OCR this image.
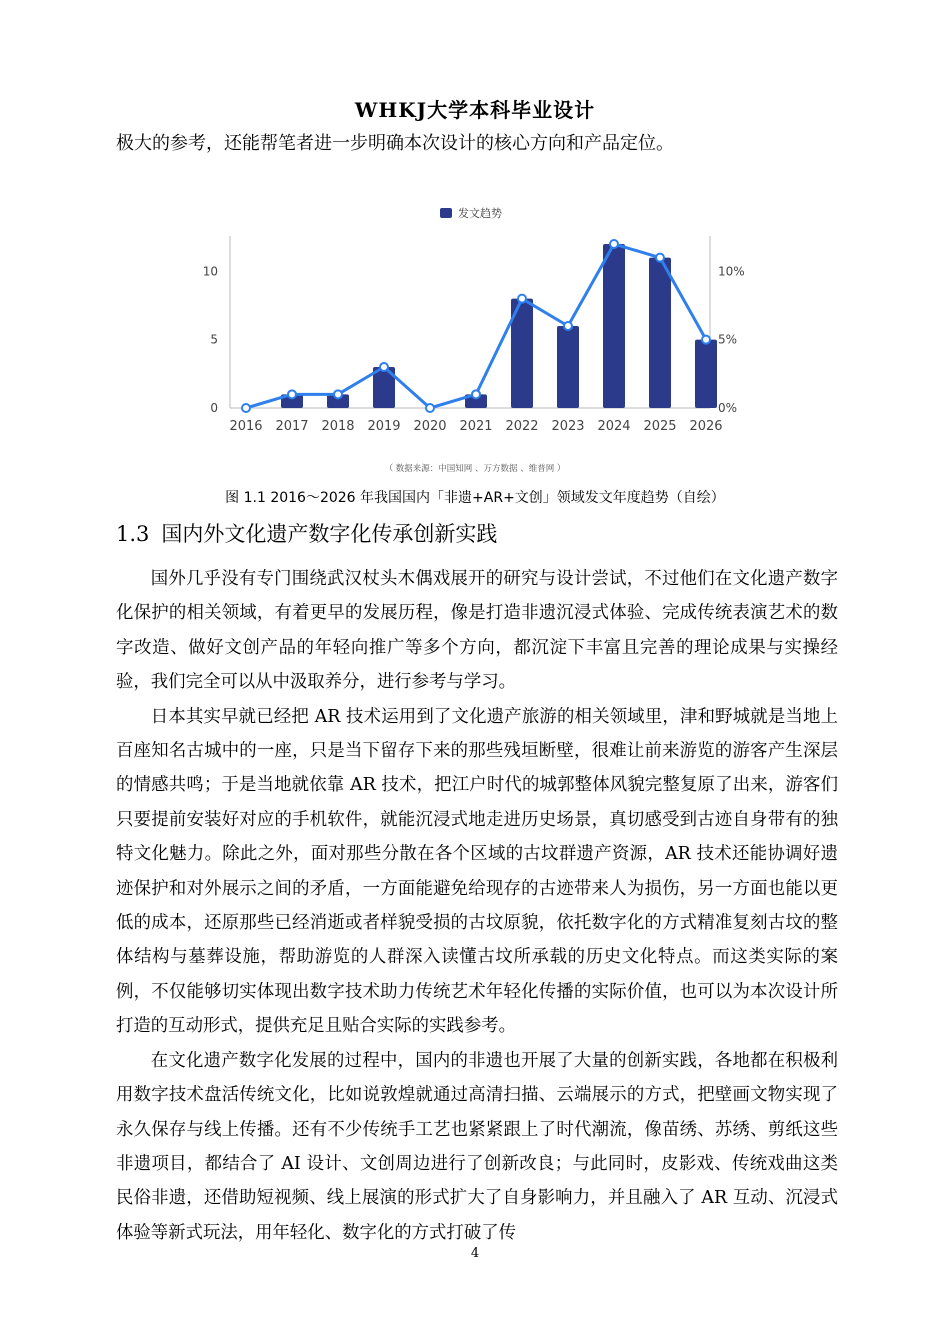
WHKJ大学本科毕业设计
极大的参考，还能帮笔者进一步明确本次设计的核心方向和产品定位。
发文趋势
2016 2017 2018 2019 2020 2021 2022 2023 2024 2025 2026
0
5
10
0%
5%
10%
（ 数据来源：中国知网 、万方数据 、维普网 ）
图 1.1 2016～2026 年我国国内「非遗+AR+文创」领域发文年度趋势（自绘）
1.3 国内外文化遗产数字化传承创新实践

国外几乎没有专门围绕武汉杖头木偶戏展开的研究与设计尝试，不过他们在文化遗产数字化保护的相关领域，有着更早的发展历程，像是打造非遗沉浸式体验、完成传统表演艺术的数字改造、做好文创产品的年轻向推广等多个方向，都沉淀下丰富且完善的理论成果与实操经验，我们完全可以从中汲取养分，进行参考与学习。

日本其实早就已经把 AR 技术运用到了文化遗产旅游的相关领域里，津和野城就是当地上百座知名古城中的一座，只是当下留存下来的那些残垣断壁，很难让前来游览的游客产生深层的情感共鸣；于是当地就依靠 AR 技术，把江户时代的城郭整体风貌完整复原了出来，游客们只要提前安装好对应的手机软件，就能沉浸式地走进历史场景，真切感受到古迹自身带有的独特文化魅力。除此之外，面对那些分散在各个区域的古坟群遗产资源，AR 技术还能协调好遗迹保护和对外展示之间的矛盾，一方面能避免给现存的古迹带来人为损伤，另一方面也能以更低的成本，还原那些已经消逝或者样貌受损的古坟原貌，依托数字化的方式精准复刻古坟的整体结构与墓葬设施，帮助游览的人群深入读懂古坟所承载的历史文化特点。而这类实际的案例，不仅能够切实体现出数字技术助力传统艺术年轻化传播的实际价值，也可以为本次设计所打造的互动形式，提供充足且贴合实际的实践参考。

在文化遗产数字化发展的过程中，国内的非遗也开展了大量的创新实践，各地都在积极利用数字技术盘活传统文化，比如说敦煌就通过高清扫描、云端展示的方式，把壁画文物实现了永久保存与线上传播。还有不少传统手工艺也紧紧跟上了时代潮流，像苗绣、苏绣、剪纸这些非遗项目，都结合了 AI 设计、文创周边进行了创新改良；与此同时，皮影戏、传统戏曲这类民俗非遗，还借助短视频、线上展演的形式扩大了自身影响力，并且融入了 AR 互动、沉浸式体验等新式玩法，用年轻化、数字化的方式打破了传

4
